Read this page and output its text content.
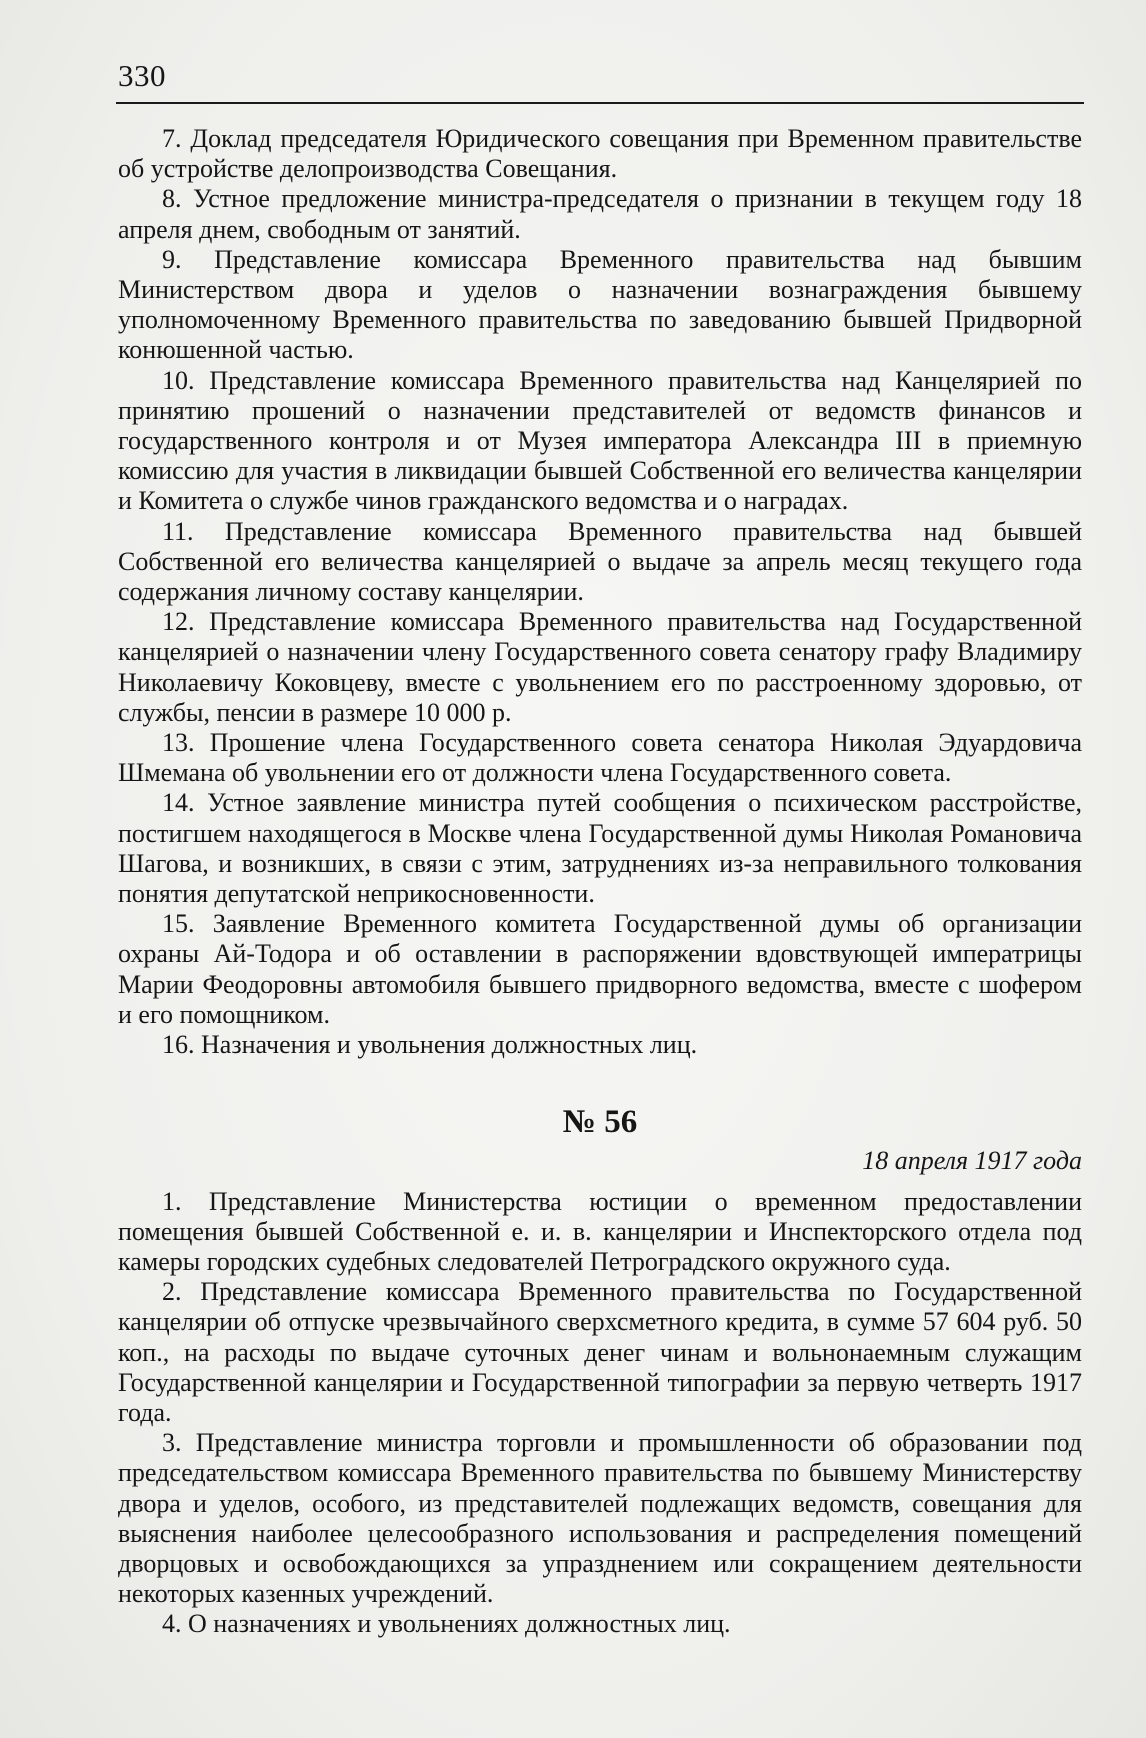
330

7. Доклад председателя Юридического совещания при Временном правительстве об устройстве делопроизводства Совещания.

8. Устное предложение министра-председателя о признании в текущем году 18 апреля днем, свободным от занятий.

9. Представление комиссара Временного правительства над бывшим Министерством двора и уделов о назначении вознаграждения бывшему уполномоченному Временного правительства по заведованию бывшей Придворной конюшенной частью.

10. Представление комиссара Временного правительства над Канцелярией по принятию прошений о назначении представителей от ведомств финансов и государственного контроля и от Музея императора Александра III в приемную комиссию для участия в ликвидации бывшей Собственной его величества канцелярии и Комитета о службе чинов гражданского ведомства и о наградах.

11. Представление комиссара Временного правительства над бывшей Собственной его величества канцелярией о выдаче за апрель месяц текущего года содержания личному составу канцелярии.

12. Представление комиссара Временного правительства над Государственной канцелярией о назначении члену Государственного совета сенатору графу Владимиру Николаевичу Коковцеву, вместе с увольнением его по расстроенному здоровью, от службы, пенсии в размере 10 000 р.

13. Прошение члена Государственного совета сенатора Николая Эдуардовича Шмемана об увольнении его от должности члена Государственного совета.

14. Устное заявление министра путей сообщения о психическом расстройстве, постигшем находящегося в Москве члена Государственной думы Николая Романовича Шагова, и возникших, в связи с этим, затруднениях из-за неправильного толкования понятия депутатской неприкосновенности.

15. Заявление Временного комитета Государственной думы об организации охраны Ай-Тодора и об оставлении в распоряжении вдовствующей императрицы Марии Феодоровны автомобиля бывшего придворного ведомства, вместе с шофером и его помощником.

16. Назначения и увольнения должностных лиц.

№ 56
18 апреля 1917 года

1. Представление Министерства юстиции о временном предоставлении помещения бывшей Собственной е. и. в. канцелярии и Инспекторского отдела под камеры городских судебных следователей Петроградского окружного суда.

2. Представление комиссара Временного правительства по Государственной канцелярии об отпуске чрезвычайного сверхсметного кредита, в сумме 57 604 руб. 50 коп., на расходы по выдаче суточных денег чинам и вольнонаемным служащим Государственной канцелярии и Государственной типографии за первую четверть 1917 года.

3. Представление министра торговли и промышленности об образовании под председательством комиссара Временного правительства по бывшему Министерству двора и уделов, особого, из представителей подлежащих ведомств, совещания для выяснения наиболее целесообразного использования и распределения помещений дворцовых и освобождающихся за упразднением или сокращением деятельности некоторых казенных учреждений.

4. О назначениях и увольнениях должностных лиц.
